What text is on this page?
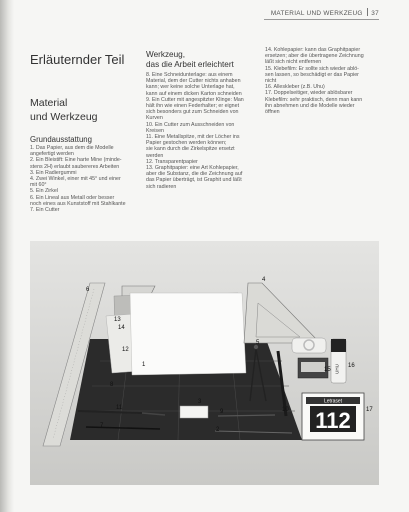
MATERIAL UND WERKZEUG 37
Erläuternder Teil
Material
und Werkzeug
Grundausstattung
1. Das Papier, aus dem die Modelle
angefertigt werden
2. Ein Bleistift: Eine harte Mine (minde-
stens 2H) erlaubt saubereres Arbeiten
3. Ein Radiergummi
4. Zwei Winkel, einer mit 45° und einer
mit 60°
5. Ein Zirkel
6. Ein Lineal aus Metall oder besser
noch eines aus Kunststoff mit Stahlkante
7. Ein Cutter
Werkzeug,
das die Arbeit erleichtert
8. Eine Schneidunterlage: aus einem
Material, dem der Cutter nichts anhaben
kann; wer keine solche Unterlage hat,
kann auf einem dicken Karton schneiden
9. Ein Cutter mit angespitzter Klinge: Man
hält ihn wie einen Federhalter; er eignet
sich besonders gut zum Schneiden von
Kurven
10. Ein Cutter zum Ausschneiden von
Kreisen
11. Eine Metallspitze, mit der Löcher ins
Papier gestochen werden können;
sie kann durch die Zirkelspitze ersetzt
werden
12. Transparentpapier
13. Graphitpapier: eine Art Kohlepapier,
aber die Substanz, die die Zeichnung auf
das Papier überträgt, ist Graphit und läßt
sich radieren
14. Kohlepapier: kann das Graphitpapier
ersetzen; aber die übertragene Zeichnung
läßt sich nicht entfernen
15. Klebefilm: Er sollte sich wieder ablö-
sen lassen, so beschädigt er das Papier
nicht
16. Alleskleber (z.B. Uhu)
17. Doppelseitiger, wieder ablösbarer
Klebefilm: sehr praktisch, denn man kann
ihn abnehmen und die Modelle wieder
öffnen
UHU
Letraset
112
1
2
3
4
5
6
7
8
9	10
11
12
13
14
15
16
17
